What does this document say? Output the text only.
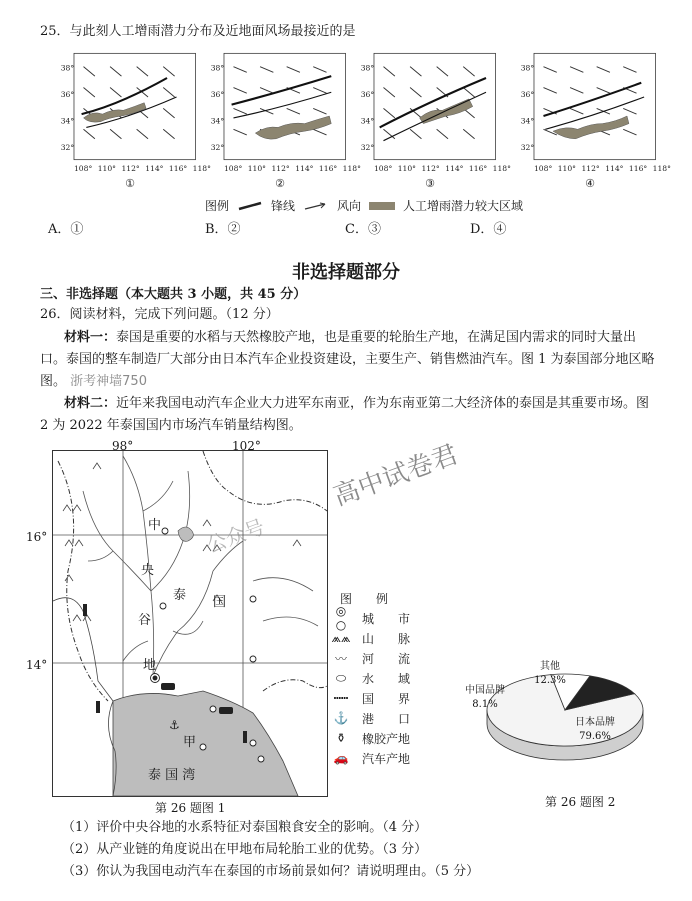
25．与此刻人工增雨潜力分布及近地面风场最接近的是
38°
36°
34°
32°
108° 110° 112° 114° 116° 118°
①
38°
36°
34°
32°
108° 110° 112° 114° 116° 118°
②
38°
36°
34°
32°
108° 110° 112° 114° 116° 118°
③
38°
36°
34°
32°
108° 110° 112° 114° 116° 118°
④
图例	锋线	风向	人工增雨潜力较大区域
A．①	B．②	C．③	D．④
非选择题部分
三、非选择题（本大题共 3 小题，共 45 分）
26．阅读材料，完成下列问题。（12 分）
材料一：泰国是重要的水稻与天然橡胶产地，也是重要的轮胎生产地，在满足国内需求的同时大量出口。泰国的整车制造厂大部分由日本汽车企业投资建设，主要生产、销售燃油汽车。图 1 为泰国部分地区略图。 浙考神墙750
材料二：近年来我国电动汽车企业大力进军东南亚，作为东南亚第二大经济体的泰国是其重要市场。图 2 为 2022 年泰国国内市场汽车销量结构图。
98°	102°
16°
14°
⚓
中
央
谷
地
泰 国
甲
泰 国 湾
第 26 题图 1
高中试卷君
公众号
图　　例
◎ ○	城　　市
⩕⩕ 山　　脉
〰	河　　流
⬭	水　　域
┅┅	国　　界
⚓ 港　　口
⚱	橡胶产地
🚗 汽车产地
日本品牌
79.6%
中国品牌
8.1%
其他
12.3%
第 26 题图 2
（1）评价中央谷地的水系特征对泰国粮食安全的影响。（4 分）
（2）从产业链的角度说出在甲地布局轮胎工业的优势。（3 分）
（3）你认为我国电动汽车在泰国的市场前景如何？请说明理由。（5 分）
